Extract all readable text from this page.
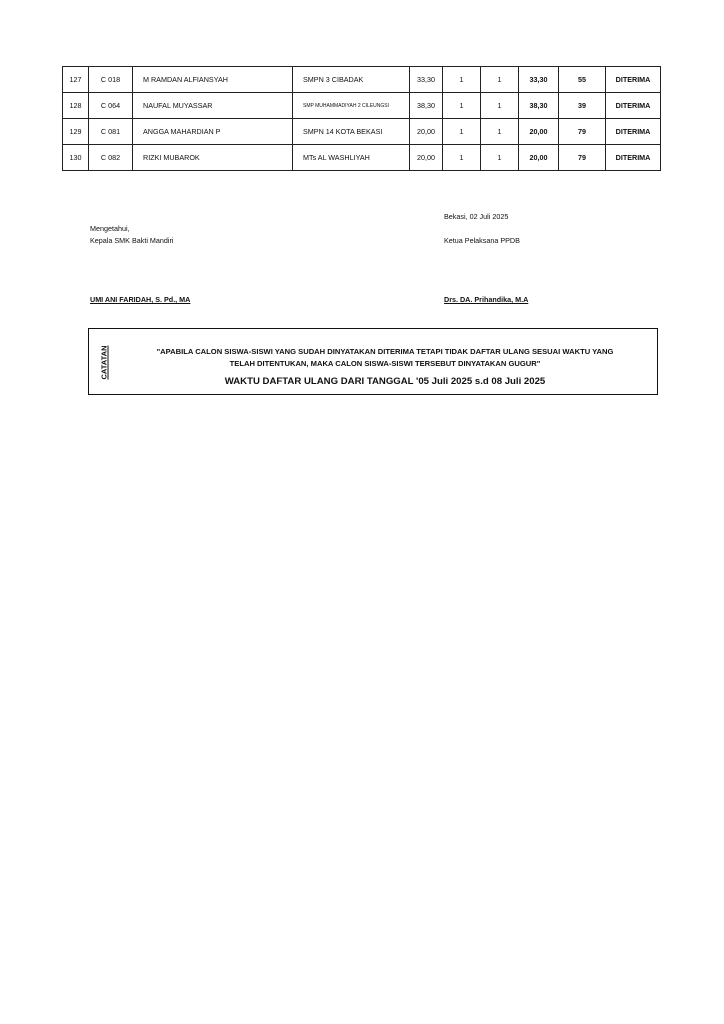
127	C 018	M RAMDAN ALFIANSYAH	SMPN 3 CIBADAK	33,30	1	1	33,30	55	DITERIMA
128	C 064	NAUFAL MUYASSAR	SMP MUHAMMADIYAH 2 CILEUNGSI	38,30	1	1	38,30	39	DITERIMA
129	C 081	ANGGA MAHARDIAN P	SMPN 14 KOTA BEKASI	20,00	1	1	20,00	79	DITERIMA
130	C 082	RIZKI MUBAROK	MTs AL WASHLIYAH	20,00	1	1	20,00	79	DITERIMA
Bekasi, 02 Juli 2025
Mengetahui,
Kepala SMK Bakti Mandiri	Ketua Pelaksana PPDB
UMI ANI FARIDAH, S. Pd., MA	Drs. DA. Prihandika, M.A
CATATAN	"APABILA CALON SISWA-SISWI YANG SUDAH DINYATAKAN DITERIMA TETAPI TIDAK DAFTAR ULANG SESUAI WAKTU YANG
TELAH DITENTUKAN, MAKA CALON SISWA-SISWI TERSEBUT DINYATAKAN GUGUR"
WAKTU DAFTAR ULANG DARI TANGGAL '05 Juli 2025 s.d 08 Juli 2025
